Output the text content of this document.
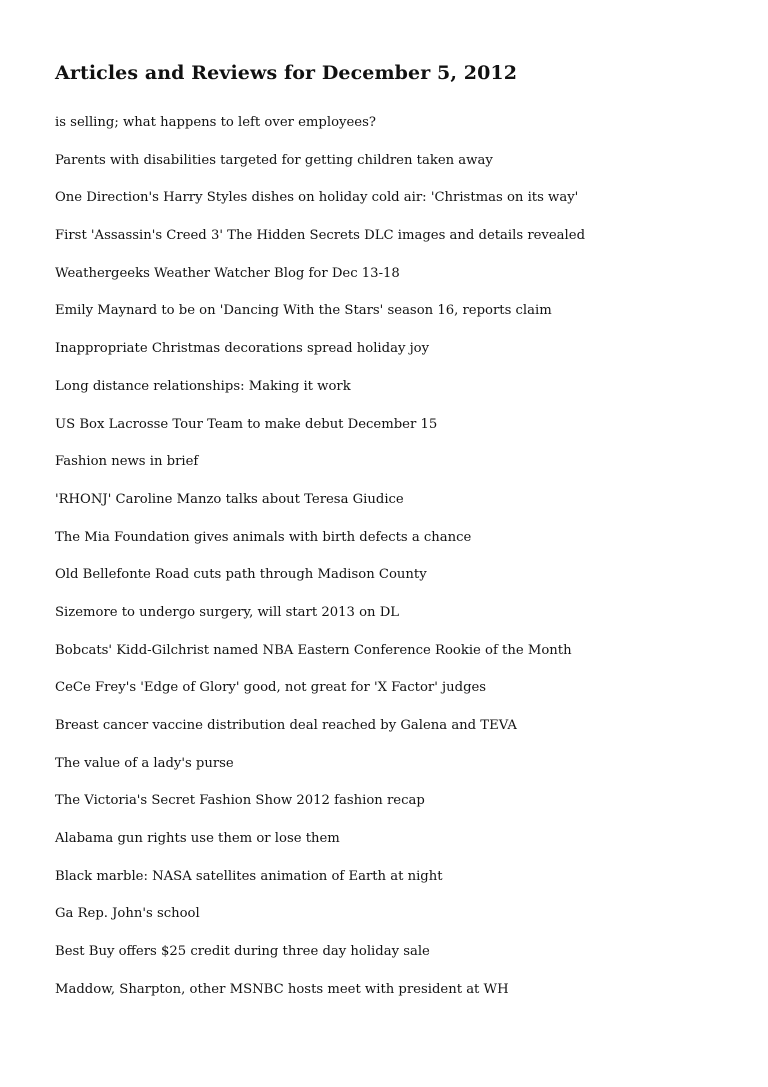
Articles and Reviews for December 5, 2012
is selling; what happens to left over employees?
Parents with disabilities targeted for getting children taken away
One Direction's Harry Styles dishes on holiday cold air: 'Christmas on its way'
First 'Assassin's Creed 3' The Hidden Secrets DLC images and details revealed
Weathergeeks Weather Watcher Blog for Dec 13-18
Emily Maynard to be on 'Dancing With the Stars' season 16, reports claim
Inappropriate Christmas decorations spread holiday joy
Long distance relationships: Making it work
US Box Lacrosse Tour Team to make debut December 15
Fashion news in brief
'RHONJ' Caroline Manzo talks about Teresa Giudice
The Mia Foundation gives animals with birth defects a chance
Old Bellefonte Road cuts path through Madison County
Sizemore to undergo surgery, will start 2013 on DL
Bobcats' Kidd-Gilchrist named NBA Eastern Conference Rookie of the Month
CeCe Frey's 'Edge of Glory' good, not great for 'X Factor' judges
Breast cancer vaccine distribution deal reached by Galena and TEVA
The value of a lady's purse
The Victoria's Secret Fashion Show 2012 fashion recap
Alabama gun rights use them or lose them
Black marble: NASA satellites animation of Earth at night
Ga Rep. John's school
Best Buy offers $25 credit during three day holiday sale
Maddow, Sharpton, other MSNBC hosts meet with president at WH
